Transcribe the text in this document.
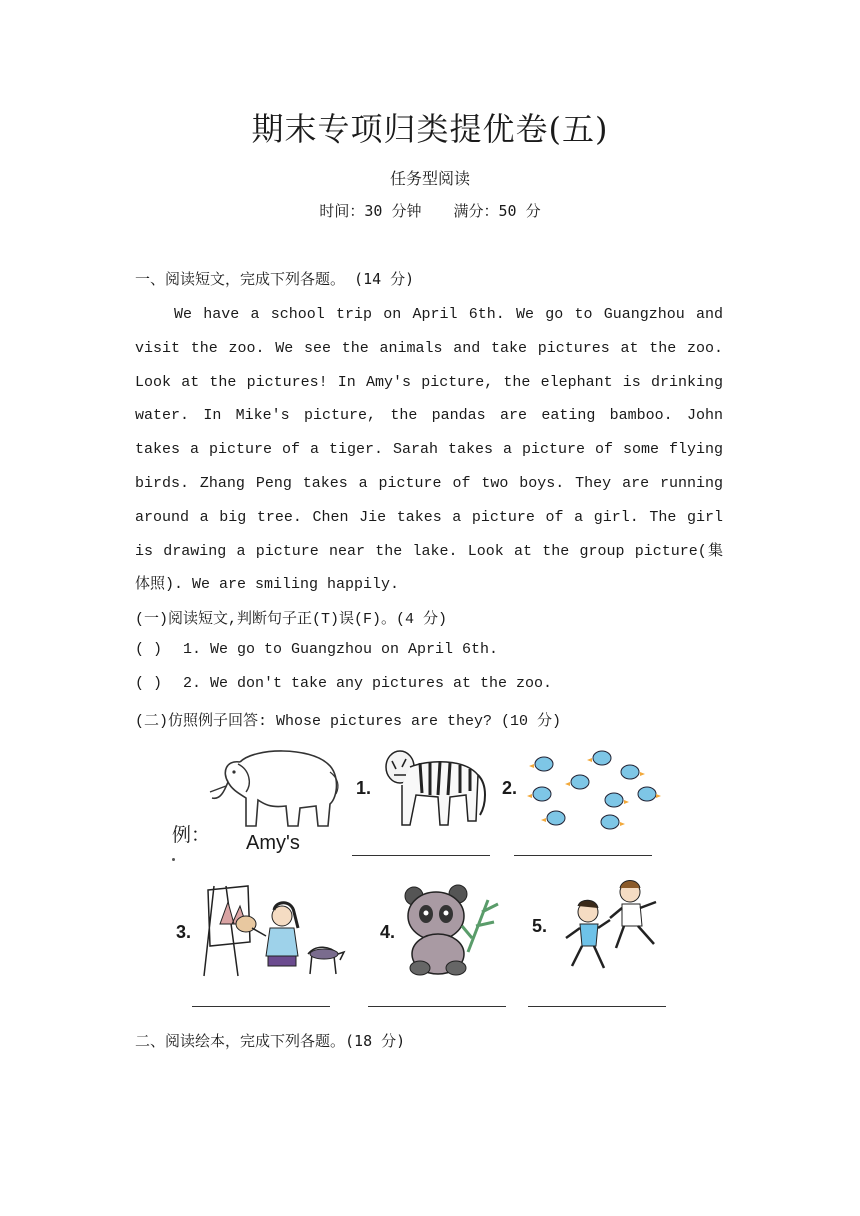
期末专项归类提优卷(五)
任务型阅读
时间：30 分钟 满分：50 分
一、阅读短文，完成下列各题。 (14 分)
We have a school trip on April 6th. We go to Guangzhou and visit the zoo. We see the animals and take pictures at the zoo. Look at the pictures! In Amy's picture, the elephant is drinking water. In Mike's picture, the pandas are eating bamboo. John takes a picture of a tiger. Sarah takes a picture of some flying birds. Zhang Peng takes a picture of two boys. They are running around a big tree. Chen Jie takes a picture of a girl. The girl is drawing a picture near the lake. Look at the group picture(集体照). We are smiling happily.
(一)阅读短文,判断句子正(T)误(F)。(4 分)
( ) 1. We go to Guangzhou on April 6th.
( ) 2. We don't take any pictures at the zoo.
(二)仿照例子回答: Whose pictures are they? (10 分)
例： Amy's
1.	2.
3.	4.	5.
二、阅读绘本，完成下列各题。(18 分)
